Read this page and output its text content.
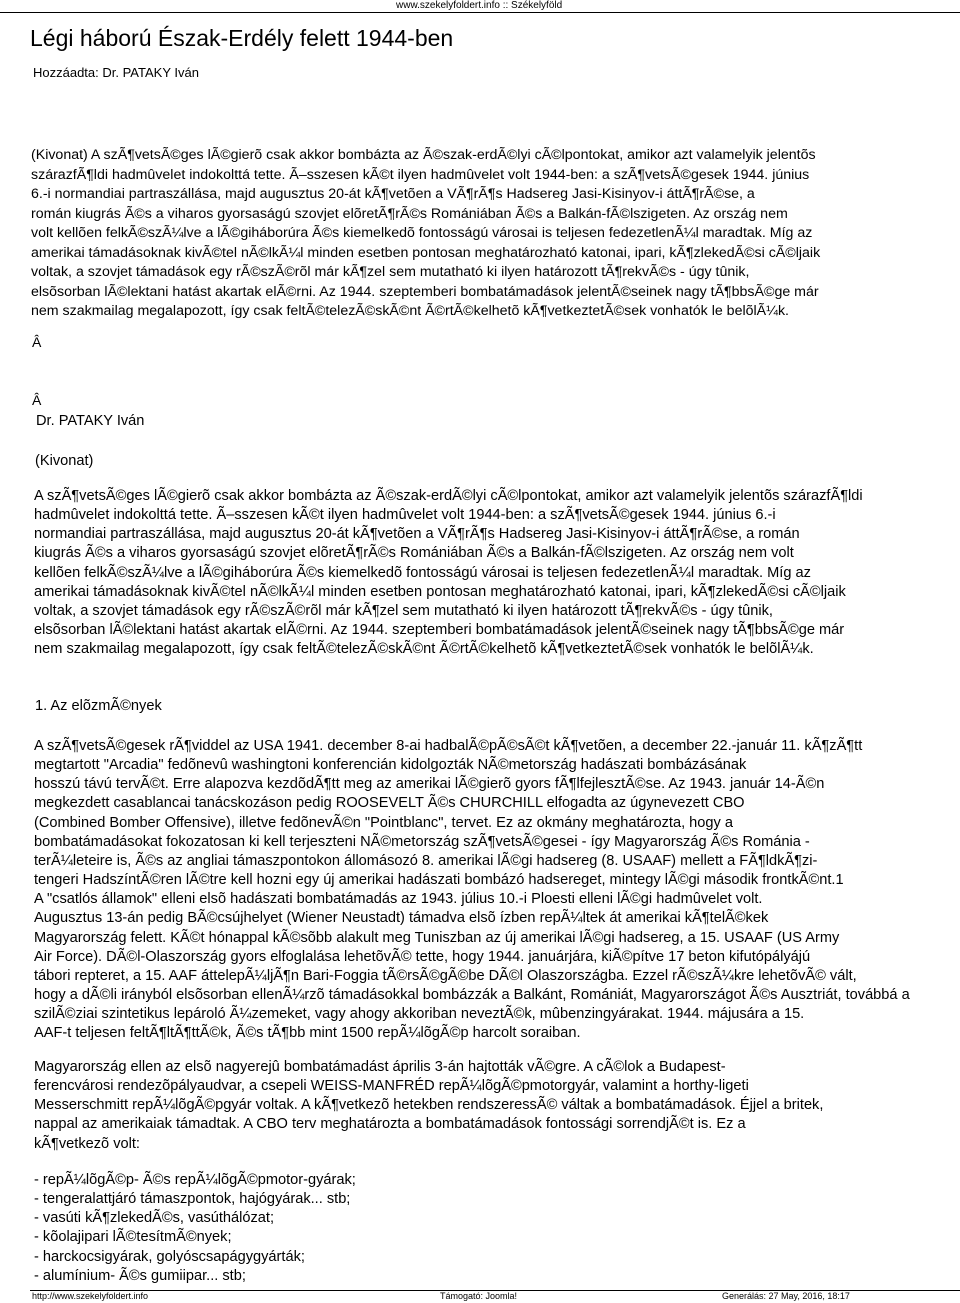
www.szekelyfoldert.info :: Székelyföld
Légi háború Észak-Erdély felett 1944-ben
Hozzáadta: Dr. PATAKY Iván
(Kivonat) A szÃ¶vetsÃ©ges lÃ©gierõ csak akkor bombázta az Ã©szak-erdÃ©lyi cÃ©lpontokat, amikor azt valamelyik jelentõs
szárazfÃ¶ldi hadmûvelet indokolttá tette. Ã–sszesen kÃ©t ilyen hadmûvelet volt 1944-ben: a szÃ¶vetsÃ©gesek 1944. június
6.-i normandiai partraszállása, majd augusztus 20-át kÃ¶vetõen a VÃ¶rÃ¶s Hadsereg Jasi-Kisinyov-i áttÃ¶rÃ©se, a
román kiugrás Ã©s a viharos gyorsaságú szovjet elõretÃ¶rÃ©s Romániában Ã©s a Balkán-fÃ©lszigeten. Az ország nem
volt kellõen felkÃ©szÃ¼lve a lÃ©giháborúra Ã©s kiemelkedõ fontosságú városai is teljesen fedezetlenÃ¼l maradtak. Míg az
amerikai támadásoknak kivÃ©tel nÃ©lkÃ¼l minden esetben pontosan meghatározható katonai, ipari, kÃ¶zlekedÃ©si cÃ©ljaik
voltak, a szovjet támadások egy rÃ©szÃ©rõl már kÃ¶zel sem mutatható ki ilyen határozott tÃ¶rekvÃ©s - úgy tûnik,
elsõsorban lÃ©lektani hatást akartak elÃ©rni. Az 1944. szeptemberi bombatámadások jelentÃ©seinek nagy tÃ¶bbsÃ©ge már
nem szakmailag megalapozott, így csak feltÃ©telezÃ©skÃ©nt Ã©rtÃ©kelhetõ kÃ¶vetkeztetÃ©sek vonhatók le belõlÃ¼k.
Â
Â
Dr. PATAKY Iván
(Kivonat)
A szÃ¶vetsÃ©ges lÃ©gierõ csak akkor bombázta az Ã©szak-erdÃ©lyi cÃ©lpontokat, amikor azt valamelyik jelentõs szárazfÃ¶ldi
hadmûvelet indokolttá tette. Ã–sszesen kÃ©t ilyen hadmûvelet volt 1944-ben: a szÃ¶vetsÃ©gesek 1944. június 6.-i
normandiai partraszállása, majd augusztus 20-át kÃ¶vetõen a VÃ¶rÃ¶s Hadsereg Jasi-Kisinyov-i áttÃ¶rÃ©se, a román
kiugrás Ã©s a viharos gyorsaságú szovjet elõretÃ¶rÃ©s Romániában Ã©s a Balkán-fÃ©lszigeten. Az ország nem volt
kellõen felkÃ©szÃ¼lve a lÃ©giháborúra Ã©s kiemelkedõ fontosságú városai is teljesen fedezetlenÃ¼l maradtak. Míg az
amerikai támadásoknak kivÃ©tel nÃ©lkÃ¼l minden esetben pontosan meghatározható katonai, ipari, kÃ¶zlekedÃ©si cÃ©ljaik
voltak, a szovjet támadások egy rÃ©szÃ©rõl már kÃ¶zel sem mutatható ki ilyen határozott tÃ¶rekvÃ©s - úgy tûnik,
elsõsorban lÃ©lektani hatást akartak elÃ©rni. Az 1944. szeptemberi bombatámadások jelentÃ©seinek nagy tÃ¶bbsÃ©ge már
nem szakmailag megalapozott, így csak feltÃ©telezÃ©skÃ©nt Ã©rtÃ©kelhetõ kÃ¶vetkeztetÃ©sek vonhatók le belõlÃ¼k.
1. Az elõzmÃ©nyek
A szÃ¶vetsÃ©gesek rÃ¶viddel az USA 1941. december 8-ai hadbalÃ©pÃ©sÃ©t kÃ¶vetõen, a december 22.-január 11. kÃ¶zÃ¶tt
megtartott "Arcadia" fedõnevû washingtoni konferencián kidolgozták NÃ©metország hadászati bombázásának
hosszú távú tervÃ©t. Erre alapozva kezdõdÃ¶tt meg az amerikai lÃ©gierõ gyors fÃ¶lfejlesztÃ©se. Az 1943. január 14-Ã©n
megkezdett casablancai tanácskozáson pedig ROOSEVELT Ã©s CHURCHILL elfogadta az úgynevezett CBO
(Combined Bomber Offensive), illetve fedõnevÃ©n "Pointblanc", tervet. Ez az okmány meghatározta, hogy a
bombatámadásokat fokozatosan ki kell terjeszteni NÃ©metország szÃ¶vetsÃ©gesei - így Magyarország Ã©s Románia -
terÃ¼leteire is, Ã©s az angliai támaszpontokon állomásozó 8. amerikai lÃ©gi hadsereg (8. USAAF) mellett a FÃ¶ldkÃ¶zi-
tengeri HadszíntÃ©ren lÃ©tre kell hozni egy új amerikai hadászati bombázó hadsereget, mintegy lÃ©gi második frontkÃ©nt.1
A "csatlós államok" elleni elsõ hadászati bombatámadás az 1943. július 10.-i Ploesti elleni lÃ©gi hadmûvelet volt.
Augusztus 13-án pedig BÃ©csújhelyet (Wiener Neustadt) támadva elsõ ízben repÃ¼ltek át amerikai kÃ¶telÃ©kek
Magyarország felett. KÃ©t hónappal kÃ©sõbb alakult meg Tuniszban az új amerikai lÃ©gi hadsereg, a 15. USAAF (US Army
Air Force). DÃ©l-Olaszország gyors elfoglalása lehetõvÃ© tette, hogy 1944. januárjára, kiÃ©pítve 17 beton kifutópályájú
tábori repteret, a 15. AAF áttelepÃ¼ljÃ¶n Bari-Foggia tÃ©rsÃ©gÃ©be DÃ©l Olaszországba. Ezzel rÃ©szÃ¼kre lehetõvÃ© vált,
hogy a dÃ©li irányból elsõsorban ellenÃ¼rzõ támadásokkal bombázzák a Balkánt, Romániát, Magyarországot Ã©s Ausztriát, továbbá a
szilÃ©ziai szintetikus lepároló Ã¼zemeket, vagy ahogy akkoriban neveztÃ©k, mûbenzingyárakat. 1944. májusára a 15.
AAF-t teljesen feltÃ¶ltÃ¶ttÃ©k, Ã©s tÃ¶bb mint 1500 repÃ¼lõgÃ©p harcolt soraiban.
Magyarország ellen az elsõ nagyerejû bombatámadást április 3-án hajtották vÃ©gre. A cÃ©lok a Budapest-
ferencvárosi rendezõpályaudvar, a csepeli WEISS-MANFRÉD repÃ¼lõgÃ©pmotorgyár, valamint a horthy-ligeti
Messerschmitt repÃ¼lõgÃ©pgyár voltak. A kÃ¶vetkezõ hetekben rendszeressÃ© váltak a bombatámadások. Éjjel a britek,
nappal az amerikaiak támadtak. A CBO terv meghatározta a bombatámadások fontossági sorrendjÃ©t is. Ez a
kÃ¶vetkezõ volt:
- repÃ¼lõgÃ©p- Ã©s repÃ¼lõgÃ©pmotor-gyárak;
- tengeralattjáró támaszpontok, hajógyárak... stb;
- vasúti kÃ¶zlekedÃ©s, vasúthálózat;
- kõolajipari lÃ©tesítmÃ©nyek;
- harckocsigyárak, golyóscsapágygyárták;
- alumínium- Ã©s gumiipar... stb;
http://www.szekelyfoldert.info	Támogató: Joomla!	Generálás: 27 May, 2016, 18:17
